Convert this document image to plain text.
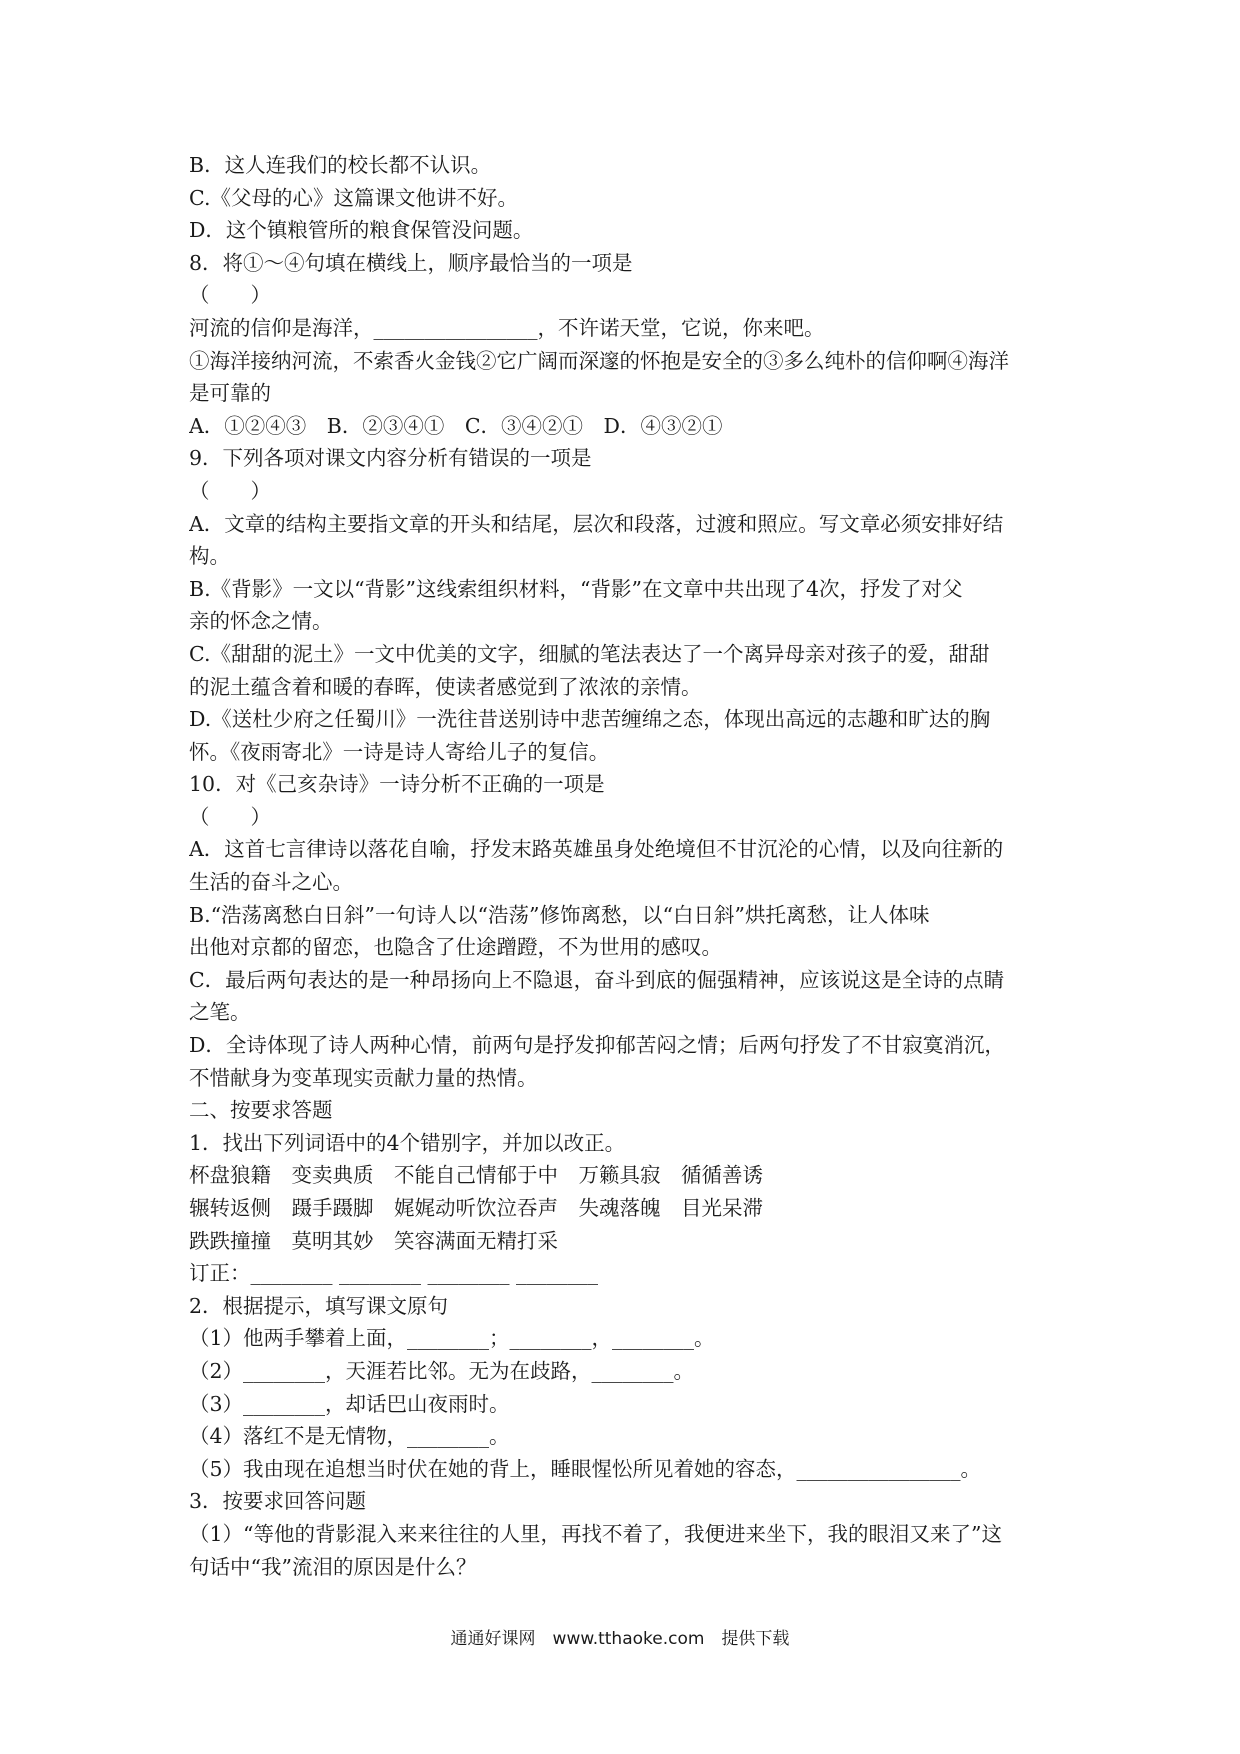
B．这人连我们的校长都不认识。
C.《父母的心》这篇课文他讲不好。
D．这个镇粮管所的粮食保管没问题。
8．将①～④句填在横线上，顺序最恰当的一项是
（　　）
河流的信仰是海洋，________________，不许诺天堂，它说，你来吧。
①海洋接纳河流，不索香火金钱②它广阔而深邃的怀抱是安全的③多么纯朴的信仰啊④海洋
是可靠的
A．①②④③　B．②③④①　C．③④②①　D．④③②①
9．下列各项对课文内容分析有错误的一项是
（　　）
A．文章的结构主要指文章的开头和结尾，层次和段落，过渡和照应。写文章必须安排好结
构。
B.《背影》一文以“背影”这线索组织材料，“背影”在文章中共出现了4次，抒发了对父
亲的怀念之情。
C.《甜甜的泥土》一文中优美的文字，细腻的笔法表达了一个离异母亲对孩子的爱，甜甜
的泥土蕴含着和暖的春晖，使读者感觉到了浓浓的亲情。
D.《送杜少府之任蜀川》一洗往昔送别诗中悲苦缠绵之态，体现出高远的志趣和旷达的胸
怀。《夜雨寄北》一诗是诗人寄给儿子的复信。
10．对《己亥杂诗》一诗分析不正确的一项是
（　　）
A．这首七言律诗以落花自喻，抒发末路英雄虽身处绝境但不甘沉沦的心情，以及向往新的
生活的奋斗之心。
B.“浩荡离愁白日斜”一句诗人以“浩荡”修饰离愁，以“白日斜”烘托离愁，让人体味
出他对京都的留恋，也隐含了仕途蹭蹬，不为世用的感叹。
C．最后两句表达的是一种昂扬向上不隐退，奋斗到底的倔强精神，应该说这是全诗的点睛
之笔。
D．全诗体现了诗人两种心情，前两句是抒发抑郁苦闷之情；后两句抒发了不甘寂寞消沉，
不惜献身为变革现实贡献力量的热情。
二、按要求答题
1．找出下列词语中的4个错别字，并加以改正。
杯盘狼籍　变卖典质　不能自己情郁于中　万籁具寂　循循善诱
辗转返侧　蹑手蹑脚　娓娓动听饮泣吞声　失魂落魄　目光呆滞
跌跌撞撞　莫明其妙　笑容满面无精打采
订正：________ ________ ________ ________
2．根据提示，填写课文原句
（1）他两手攀着上面，________；________，________。
（2）________，天涯若比邻。无为在歧路，________。
（3）________，却话巴山夜雨时。
（4）落红不是无情物，________。
（5）我由现在追想当时伏在她的背上，睡眼惺忪所见着她的容态，________________。
3．按要求回答问题
（1）“等他的背影混入来来往往的人里，再找不着了，我便进来坐下，我的眼泪又来了”这
句话中“我”流泪的原因是什么？
通通好课网　www.tthaoke.com　提供下载
